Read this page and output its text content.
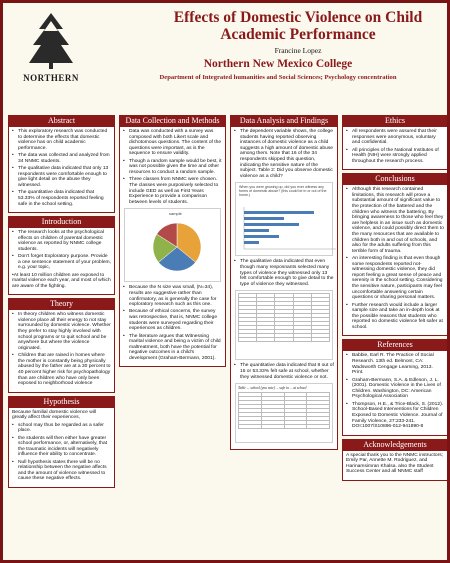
NORTHERN
Effects of Domestic Violence on Child Academic Performance
Francine Lopez
Northern New Mexico College
Department of Integrated humanities and Social Sciences; Psychology concentration
Abstract
• This exploratory research was conducted to determine the effects that domestic violence has on child academic performance.
• The data was collected and analyzed from 34 NNMC students.
• The qualitative data indicated that only 13 respondents were comfortable enough to give light detail on the abuse they witnessed.
• The quantitative data indicated that 53.33% of respondents reported feeling safe in the school setting.
Introduction
• The research looks at the psychological effects on children of parental domestic violence as reported by NNMC college students.
• Don't forget Exploratory purpose. Provide a one sentence statement of your problem, e.g. your topic,

•At least 10 million children are exposed to marital violence each year, and most of which are aware of the fighting.

Theory
• In theory children who witness domestic violence place all their energy to not stay surrounded by domestic violence. Whether they prefer to stay highly involved with school programs or to quit school and be anywhere but where the violence originated.
• Children that are raised in homes where the mother is constantly being physically abused by the father are at a 30 percent to 40 percent higher risk for psychopathology than are children who have only been exposed to neighborhood violence
Hypothesis

Because familial domestic violence will greatly affect their experiences,

• school may thus be regarded as a safer place.
• the students will then either have greater school performance, or, alternatively, that the traumatic incidents will negatively influence their ability to concentrate.
• Null hypothesis states there will be no relationship between the negative affects and the amount of violence witnessed to cause these negative effects.
Data Collection and Methods
• Data was conducted with a survey was composed with both Likert scale and dichotomous questions. The content of the questions were important, as is the sequence to ensure validity.
• Though a random sample would be best, it was not possible given the time and other resources to conduct a random sample.
• Three classes from NNMC were chosen. The classes were purposively selected to include GED as well as First Years Experience to provide a comparison between levels of students.
sample
• Because the N size was small, (N=34), results are suggestive rather than confirmatory, as is generally the case for exploratory research such as this one.
• Because of ethical concerns, the survey was retrospective, that is, NNMC college students were surveyed regarding their experiences as children.
• The literature argues that Witnessing marital violence and being a victim of child maltreatment, both have the potential for negative outcomes in a child's development (Graham-Bermann, 2001).
Data Analysis and Findings
• The dependent variable shows, the college students having reported observing instances of domestic violence as a child suggests a high amount of domestic abuse among them. Note that 16 of the 34 respondents skipped this question, indicating the sensitive nature of the subject. Table 2: Did you observe domestic violence as a child?
When you were growing up, did you ever witness any forms of domestic abuse? (this could be in or out of the home.)
• The qualitative data indicated that even though many resposnants selected many types of violence they witnessed only 13 felt comfortable enough to give detail to the type of violence they witnessed.

• The quantitative data indicated that 8 out of 15 or 53.33% felt safe at school, whether they witnessed domestic violence or not.
Table ... school (you rate) ... safe in ... at school

Ethics
• All respondents were assured that their responses were anonymous, voluntary and confidential.
• All principles of the National Institutes of Health (NIH) were strongly applied throughout the research process.
Conclusions
• Although this research contained limitations, this research will prove a substantial amount of significant value to the protection of the battered and the children who witness the battering. By bringing awareness to those who feel they are helpless in an issue such as domestic violence, and could possibly direct them to the many resources that are available to children both in and out of schools, and also for the adults suffering from this terrible form of trauma.
• An interesting finding is that even though some respondents reported not-witnessing domestic violence, they did report feeling a great sense of peace and serenity in the school setting. Considering the sensitive nature, participants may feel uncomfortable answering certain questions or sharing personal matters.
• Further research would include a larger sample size and take an in-depth look at the possible reasons that students who reported no domestic violence felt safer at school.
References
• Babbie, Earl R. The Practice of Social Research. 13th ed. Belmont, CA: Wadsworth Cengage Learning, 2013. Print.
• Graham-Bermann, S.A. & Edleson, J. L. (2001). Domestic Violence in the Lives of Children. Washington, DC: American Psychological Association
• Thompson, H.E., & Trice-Black, S. (2012). School-Based Interventions for Children Exposed to Domestic Violence. Journal of Family Violence, 27:233-241. DOI:1007/S10896-012-941890-8
Acknowledgements

A special thank you to the NNMC instructors; Emily Par, Annette M. Rodriguez, and Harinamsimran Khalsa. also the Student Success Center and all NNMC staff
